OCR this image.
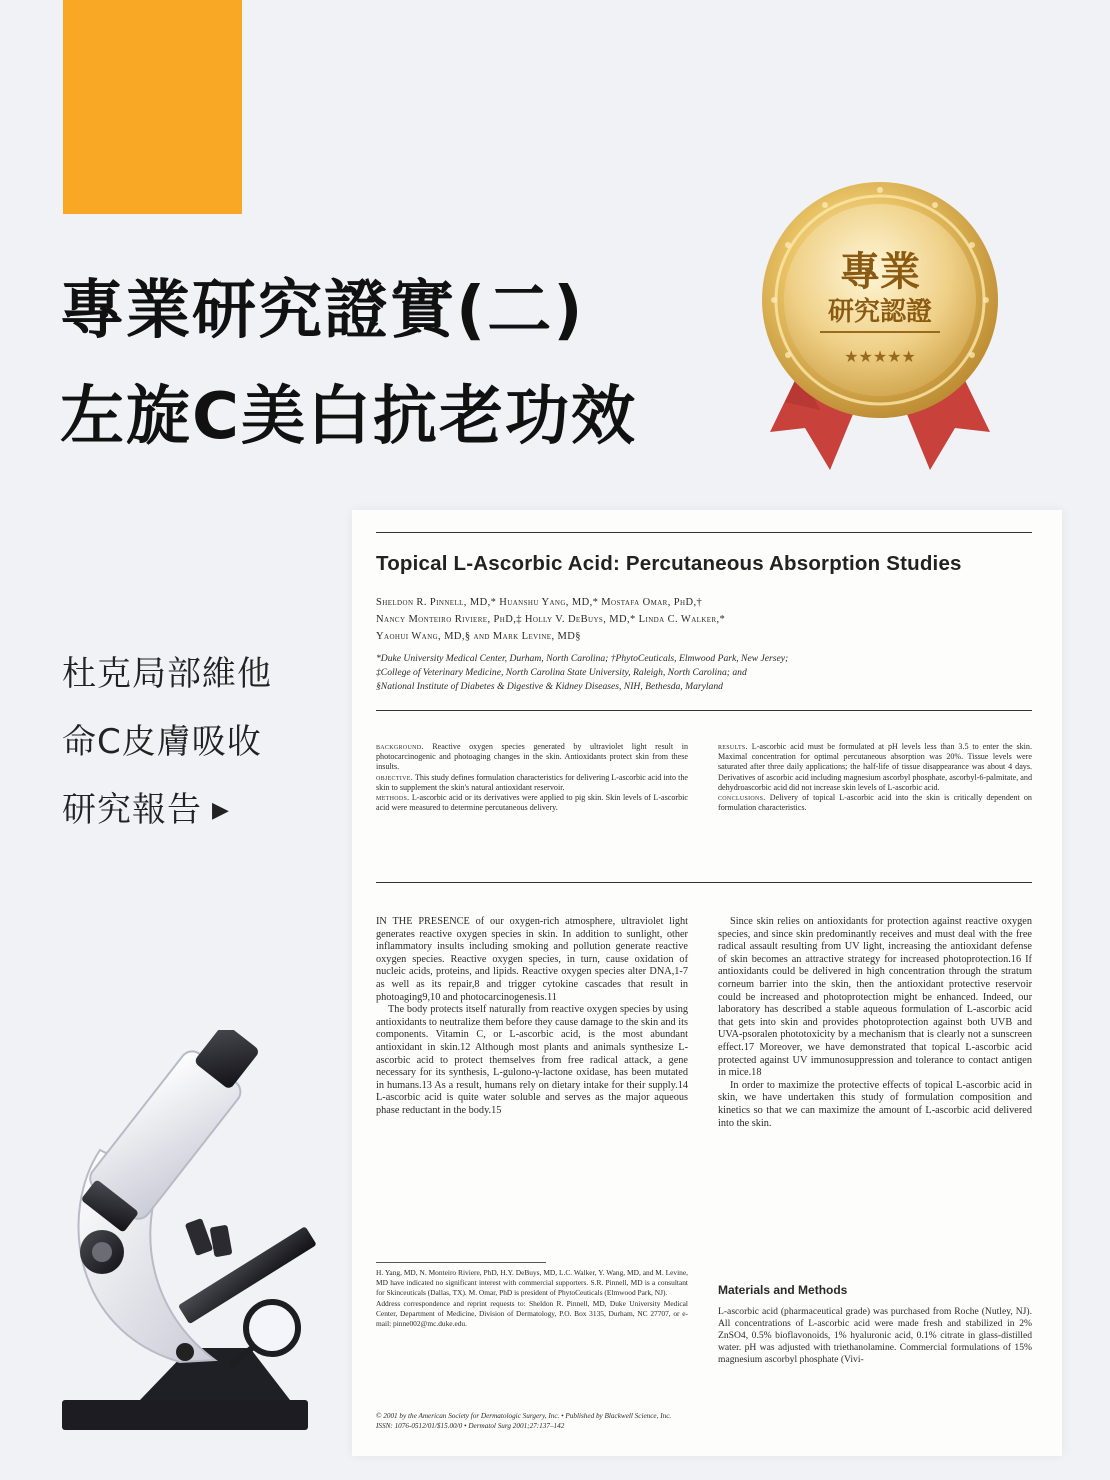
專業研究證實(二)
左旋C美白抗老功效
專業
研究認證
★★★★★
杜克局部維他
命C皮膚吸收
研究報告 ▶
Topical L-Ascorbic Acid: Percutaneous Absorption Studies
Sheldon R. Pinnell, MD,* Huanshu Yang, MD,* Mostafa Omar, PhD,†
Nancy Monteiro Riviere, PhD,‡ Holly V. DeBuys, MD,* Linda C. Walker,*
Yaohui Wang, MD,§ and Mark Levine, MD§
*Duke University Medical Center, Durham, North Carolina; †PhytoCeuticals, Elmwood Park, New Jersey;
‡College of Veterinary Medicine, North Carolina State University, Raleigh, North Carolina; and
§National Institute of Diabetes & Digestive & Kidney Diseases, NIH, Bethesda, Maryland

background. Reactive oxygen species generated by ultraviolet light result in photocarcinogenic and photoaging changes in the skin. Antioxidants protect skin from these insults.

objective. This study defines formulation characteristics for delivering L-ascorbic acid into the skin to supplement the skin's natural antioxidant reservoir.

methods. L-ascorbic acid or its derivatives were applied to pig skin. Skin levels of L-ascorbic acid were measured to determine percutaneous delivery.

results. L-ascorbic acid must be formulated at pH levels less than 3.5 to enter the skin. Maximal concentration for optimal percutaneous absorption was 20%. Tissue levels were saturated after three daily applications; the half-life of tissue disappearance was about 4 days. Derivatives of ascorbic acid including magnesium ascorbyl phosphate, ascorbyl-6-palmitate, and dehydroascorbic acid did not increase skin levels of L-ascorbic acid.

conclusions. Delivery of topical L-ascorbic acid into the skin is critically dependent on formulation characteristics.

IN THE PRESENCE of our oxygen-rich atmosphere, ultraviolet light generates reactive oxygen species in skin. In addition to sunlight, other inflammatory insults including smoking and pollution generate reactive oxygen species. Reactive oxygen species, in turn, cause oxidation of nucleic acids, proteins, and lipids. Reactive oxygen species alter DNA,1-7 as well as its repair,8 and trigger cytokine cascades that result in photoaging9,10 and photocarcinogenesis.11

The body protects itself naturally from reactive oxygen species by using antioxidants to neutralize them before they cause damage to the skin and its components. Vitamin C, or L-ascorbic acid, is the most abundant antioxidant in skin.12 Although most plants and animals synthesize L-ascorbic acid to protect themselves from free radical attack, a gene necessary for its synthesis, L-gulono-γ-lactone oxidase, has been mutated in humans.13 As a result, humans rely on dietary intake for their supply.14 L-ascorbic acid is quite water soluble and serves as the major aqueous phase reductant in the body.15

Since skin relies on antioxidants for protection against reactive oxygen species, and since skin predominantly receives and must deal with the free radical assault resulting from UV light, increasing the antioxidant defense of skin becomes an attractive strategy for increased photoprotection.16 If antioxidants could be delivered in high concentration through the stratum corneum barrier into the skin, then the antioxidant protective reservoir could be increased and photoprotection might be enhanced. Indeed, our laboratory has described a stable aqueous formulation of L-ascorbic acid that gets into skin and provides photoprotection against both UVB and UVA-psoralen phototoxicity by a mechanism that is clearly not a sunscreen effect.17 Moreover, we have demonstrated that topical L-ascorbic acid protected against UV immunosuppression and tolerance to contact antigen in mice.18

In order to maximize the protective effects of topical L-ascorbic acid in skin, we have undertaken this study of formulation composition and kinetics so that we can maximize the amount of L-ascorbic acid delivered into the skin.

Materials and Methods
L-ascorbic acid (pharmaceutical grade) was purchased from Roche (Nutley, NJ). All concentrations of L-ascorbic acid were made fresh and stabilized in 2% ZnSO4, 0.5% bioflavonoids, 1% hyaluronic acid, 0.1% citrate in glass-distilled water. pH was adjusted with triethanolamine. Commercial formulations of 15% magnesium ascorbyl phosphate (Vivi-
H. Yang, MD, N. Monteiro Riviere, PhD, H.Y. DeBuys, MD, L.C. Walker, Y. Wang, MD, and M. Levine, MD have indicated no significant interest with commercial supporters. S.R. Pinnell, MD is a consultant for Skinceuticals (Dallas, TX). M. Omar, PhD is president of PhytoCeuticals (Elmwood Park, NJ).
Address correspondence and reprint requests to: Sheldon R. Pinnell, MD, Duke University Medical Center, Department of Medicine, Division of Dermatology, P.O. Box 3135, Durham, NC 27707, or e-mail: pinne002@mc.duke.edu.
© 2001 by the American Society for Dermatologic Surgery, Inc. • Published by Blackwell Science, Inc.
ISSN: 1076-0512/01/$15.00/0 • Dermatol Surg 2001;27:137–142
